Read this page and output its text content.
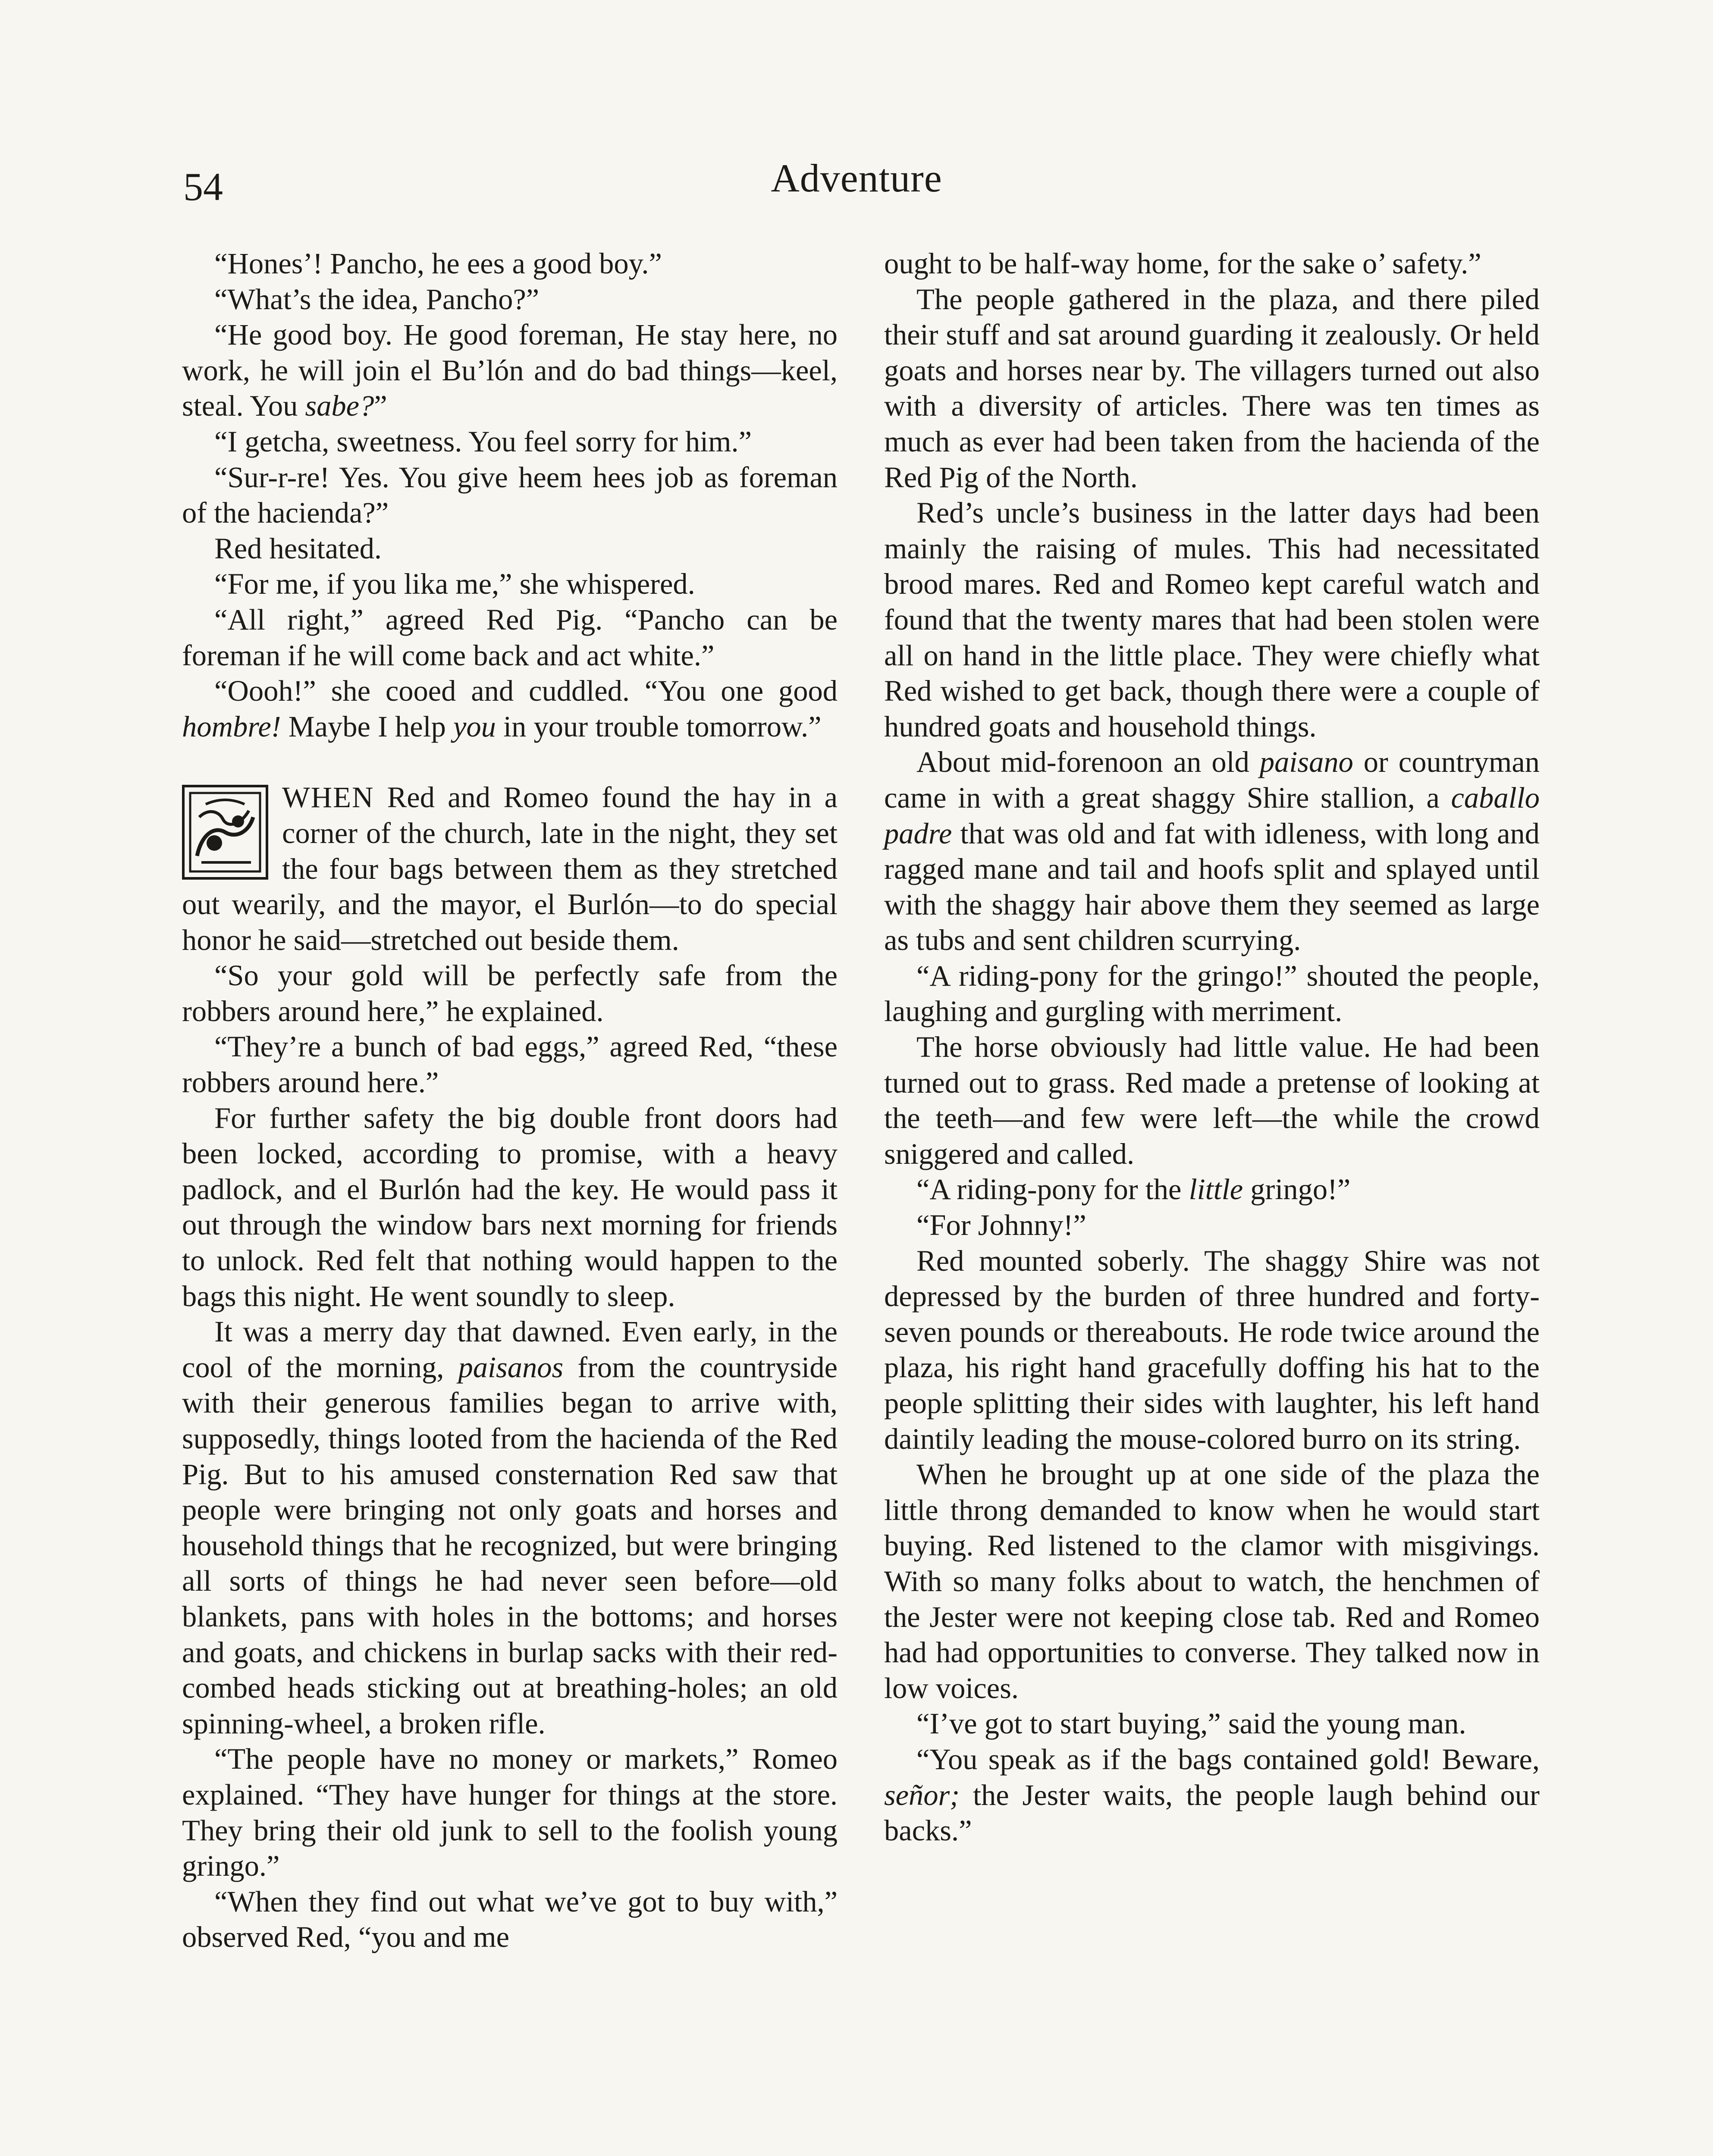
54	Adventure

“Hones’! Pancho, he ees a good boy.”

“What’s the idea, Pancho?”

“He good boy. He good foreman, He stay here, no work, he will join el Bu’lón and do bad things—keel, steal. You sabe?”

“I getcha, sweetness. You feel sorry for him.”

“Sur-r-re! Yes. You give heem hees job as foreman of the hacienda?”

Red hesitated.

“For me, if you lika me,” she whispered.

“All right,” agreed Red Pig. “Pancho can be foreman if he will come back and act white.”

“Oooh!” she cooed and cuddled. “You one good hombre! Maybe I help you in your trouble tomorrow.”

WHEN Red and Romeo found the hay in a corner of the church, late in the night, they set the four bags between them as they stretched out wearily, and the mayor, el Burlón—to do special honor he said—stretched out beside them.

“So your gold will be perfectly safe from the robbers around here,” he explained.

“They’re a bunch of bad eggs,” agreed Red, “these robbers around here.”

For further safety the big double front doors had been locked, according to promise, with a heavy padlock, and el Burlón had the key. He would pass it out through the window bars next morning for friends to unlock. Red felt that nothing would happen to the bags this night. He went soundly to sleep.

It was a merry day that dawned. Even early, in the cool of the morning, paisanos from the countryside with their generous families began to arrive with, supposedly, things looted from the hacienda of the Red Pig. But to his amused consternation Red saw that people were bringing not only goats and horses and household things that he recognized, but were bringing all sorts of things he had never seen before—old blankets, pans with holes in the bottoms; and horses and goats, and chickens in burlap sacks with their red-combed heads sticking out at breathing-holes; an old spinning-wheel, a broken rifle.

“The people have no money or markets,” Romeo explained. “They have hunger for things at the store. They bring their old junk to sell to the foolish young gringo.”

“When they find out what we’ve got to buy with,” observed Red, “you and me

ought to be half-way home, for the sake o’ safety.”

The people gathered in the plaza, and there piled their stuff and sat around guarding it zealously. Or held goats and horses near by. The villagers turned out also with a diversity of articles. There was ten times as much as ever had been taken from the hacienda of the Red Pig of the North.

Red’s uncle’s business in the latter days had been mainly the raising of mules. This had necessitated brood mares. Red and Romeo kept careful watch and found that the twenty mares that had been stolen were all on hand in the little place. They were chiefly what Red wished to get back, though there were a couple of hundred goats and household things.

About mid-forenoon an old paisano or countryman came in with a great shaggy Shire stallion, a caballo padre that was old and fat with idleness, with long and ragged mane and tail and hoofs split and splayed until with the shaggy hair above them they seemed as large as tubs and sent children scurrying.

“A riding-pony for the gringo!” shouted the people, laughing and gurgling with merriment.

The horse obviously had little value. He had been turned out to grass. Red made a pretense of looking at the teeth—and few were left—the while the crowd sniggered and called.

“A riding-pony for the little gringo!”

“For Johnny!”

Red mounted soberly. The shaggy Shire was not depressed by the burden of three hundred and forty-seven pounds or thereabouts. He rode twice around the plaza, his right hand gracefully doffing his hat to the people splitting their sides with laughter, his left hand daintily leading the mouse-colored burro on its string.

When he brought up at one side of the plaza the little throng demanded to know when he would start buying. Red listened to the clamor with misgivings. With so many folks about to watch, the henchmen of the Jester were not keeping close tab. Red and Romeo had had opportunities to converse. They talked now in low voices.

“I’ve got to start buying,” said the young man.

“You speak as if the bags contained gold! Beware, señor; the Jester waits, the people laugh behind our backs.”
